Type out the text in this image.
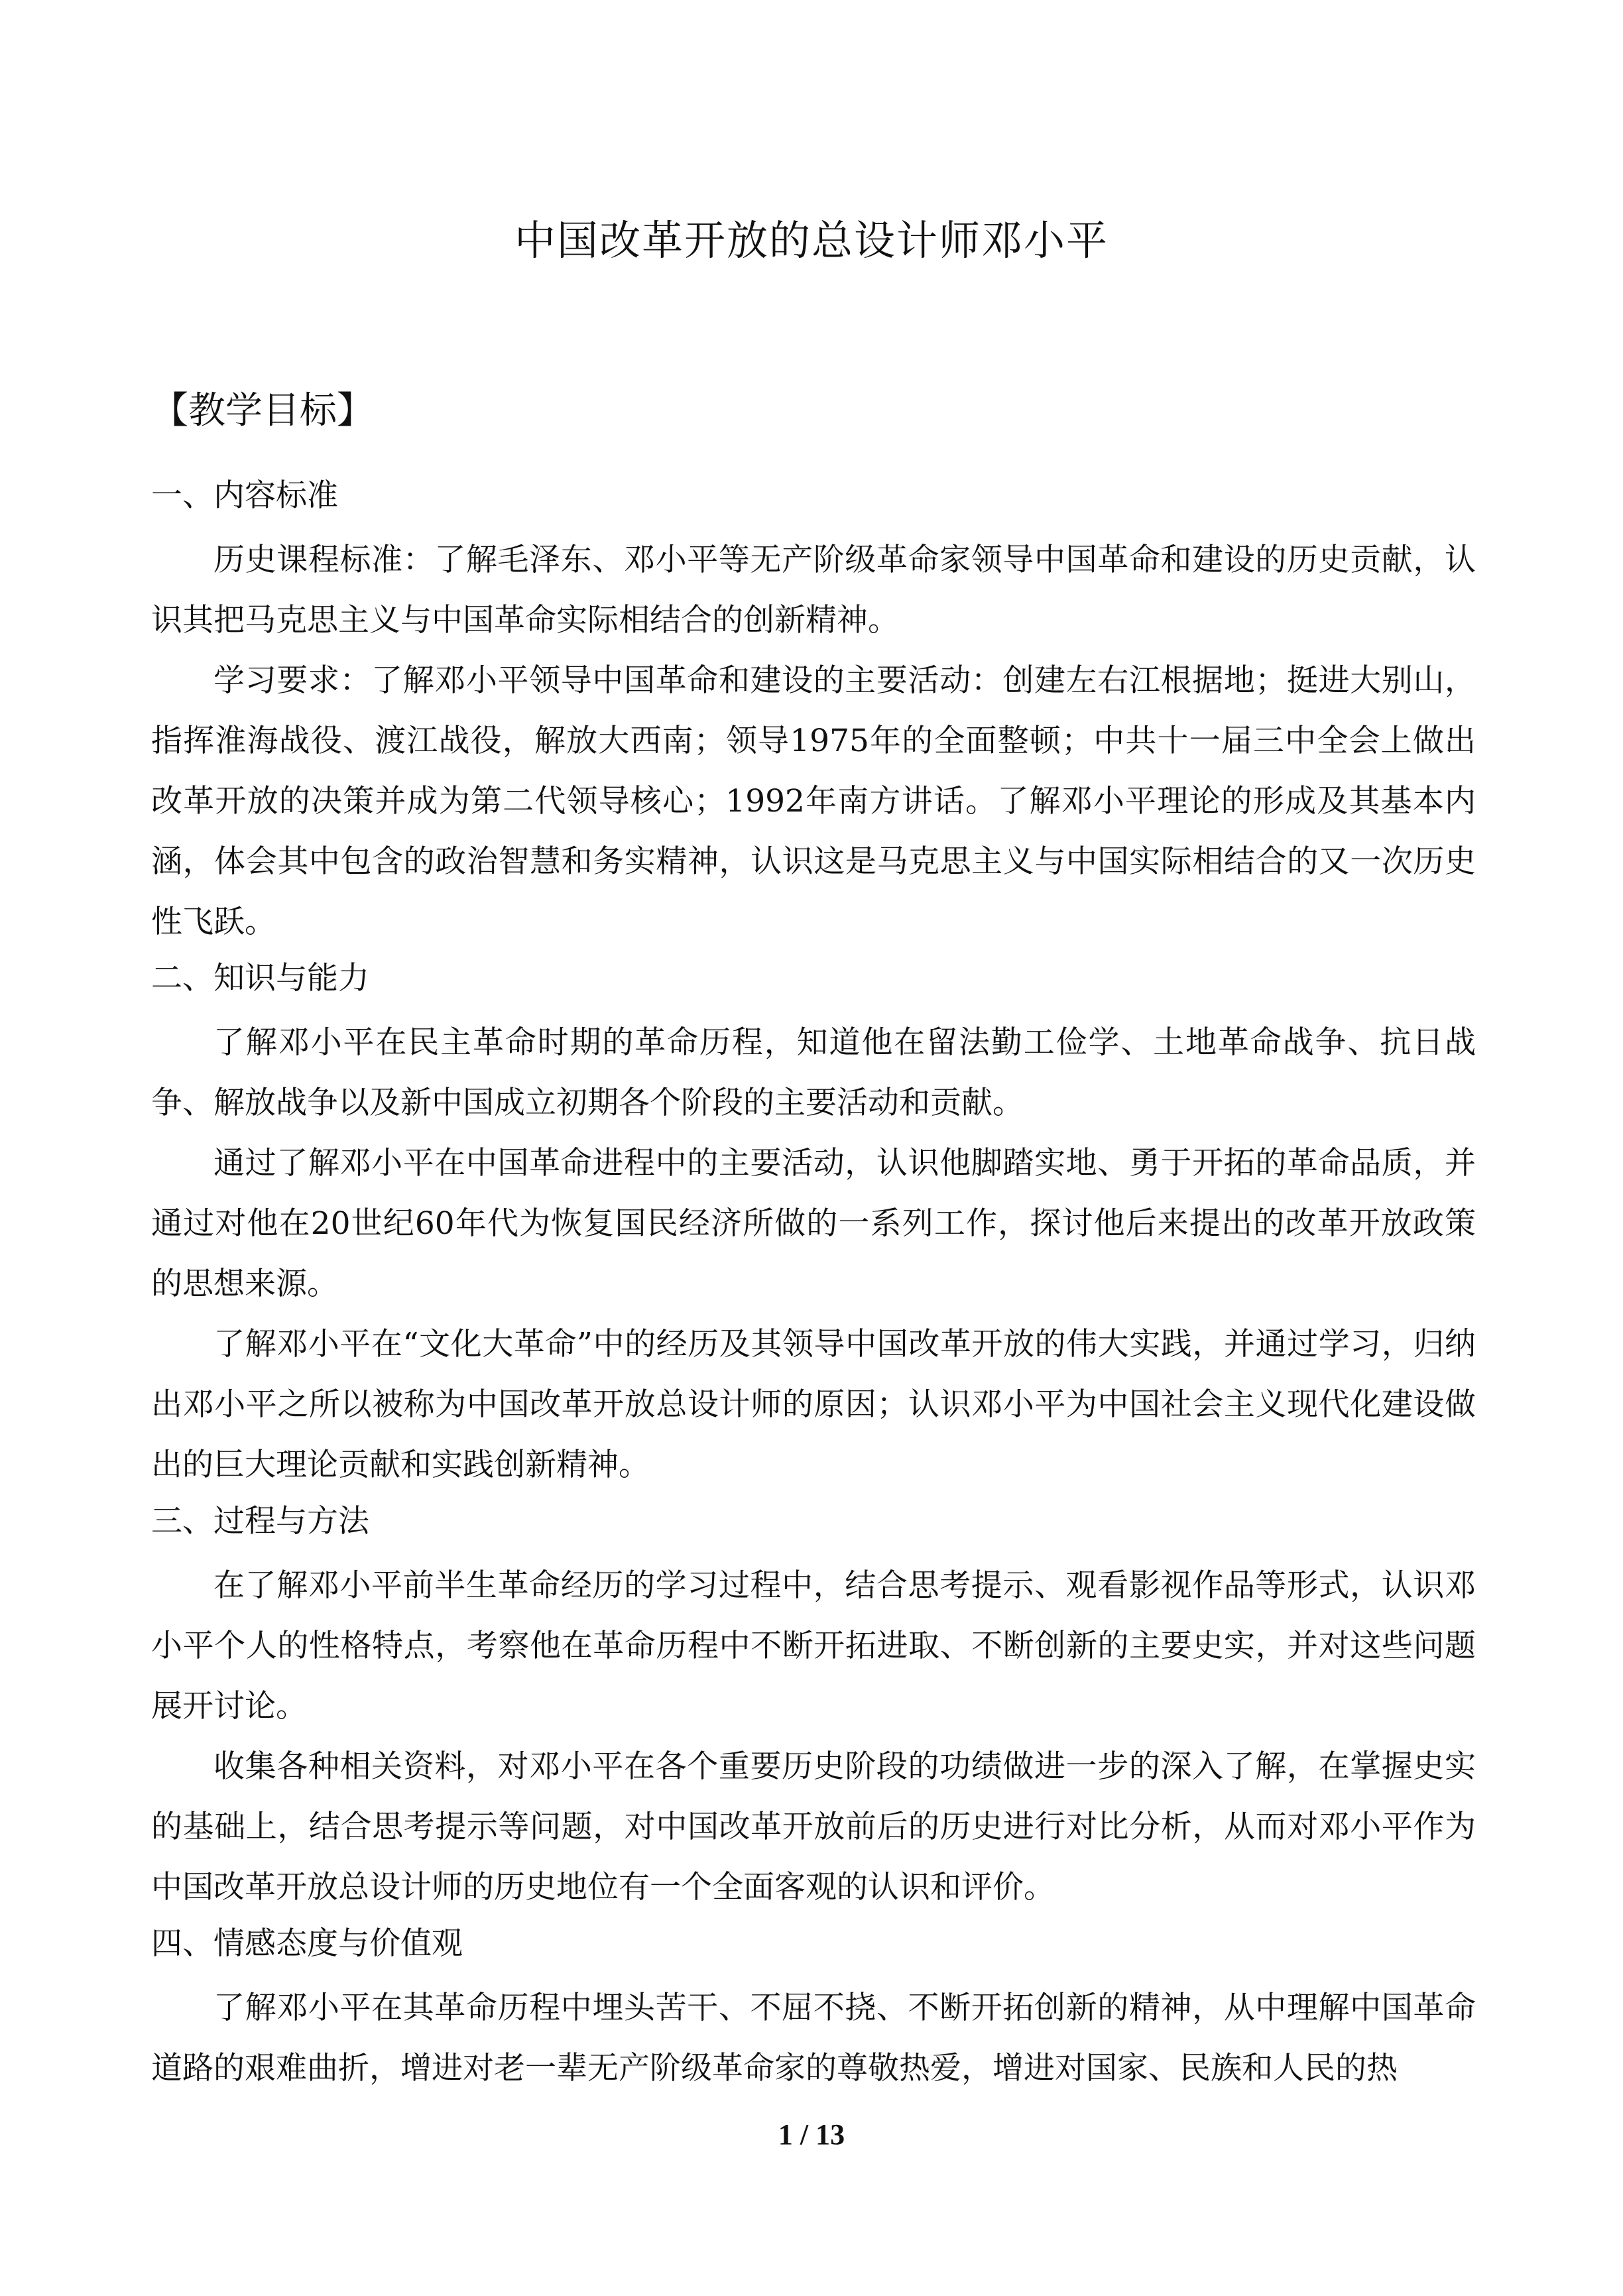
中国改革开放的总设计师邓小平
【教学目标】
一、内容标准

历史课程标准：了解毛泽东、邓小平等无产阶级革命家领导中国革命和建设的历史贡献，认识其把马克思主义与中国革命实际相结合的创新精神。

学习要求：了解邓小平领导中国革命和建设的主要活动：创建左右江根据地；挺进大别山，指挥淮海战役、渡江战役，解放大西南；领导1975年的全面整顿；中共十一届三中全会上做出改革开放的决策并成为第二代领导核心；1992年南方讲话。了解邓小平理论的形成及其基本内涵，体会其中包含的政治智慧和务实精神，认识这是马克思主义与中国实际相结合的又一次历史性飞跃。

二、知识与能力

了解邓小平在民主革命时期的革命历程，知道他在留法勤工俭学、土地革命战争、抗日战争、解放战争以及新中国成立初期各个阶段的主要活动和贡献。

通过了解邓小平在中国革命进程中的主要活动，认识他脚踏实地、勇于开拓的革命品质，并通过对他在20世纪60年代为恢复国民经济所做的一系列工作，探讨他后来提出的改革开放政策的思想来源。

了解邓小平在“文化大革命”中的经历及其领导中国改革开放的伟大实践，并通过学习，归纳出邓小平之所以被称为中国改革开放总设计师的原因；认识邓小平为中国社会主义现代化建设做出的巨大理论贡献和实践创新精神。

三、过程与方法

在了解邓小平前半生革命经历的学习过程中，结合思考提示、观看影视作品等形式，认识邓小平个人的性格特点，考察他在革命历程中不断开拓进取、不断创新的主要史实，并对这些问题展开讨论。

收集各种相关资料，对邓小平在各个重要历史阶段的功绩做进一步的深入了解，在掌握史实的基础上，结合思考提示等问题，对中国改革开放前后的历史进行对比分析，从而对邓小平作为中国改革开放总设计师的历史地位有一个全面客观的认识和评价。

四、情感态度与价值观

了解邓小平在其革命历程中埋头苦干、不屈不挠、不断开拓创新的精神，从中理解中国革命道路的艰难曲折，增进对老一辈无产阶级革命家的尊敬热爱，增进对国家、民族和人民的热

1 / 13
